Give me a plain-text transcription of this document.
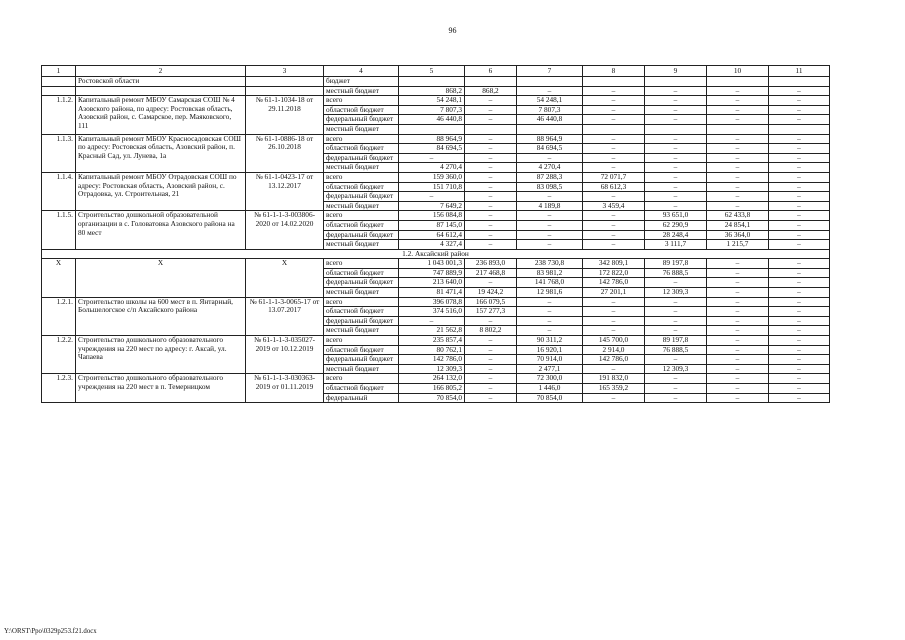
96
1	2	3	4	5	6	7	8	9	10	11
	Ростовской области		бюджет							
			местный бюджет	868,2	868,2	–	–	–	–	–
1.1.2.	Капитальный ремонт МБОУ Самарская СОШ № 4 Азовского района, по адресу: Ростовская область, Азовский район, с. Самарское, пер. Маяковского, 111	№ 61-1-1034-18 от 29.11.2018	всего	54 248,1	–	54 248,1	–	–	–	–
			областной бюджет	7 807,3	–	7 807,3	–	–	–	–
			федеральный бюджет	46 440,8	–	46 440,8	–	–	–	–
			местный бюджет							
1.1.3.	Капитальный ремонт МБОУ Красносадовская СОШ по адресу: Ростовская область, Азовский район, п. Красный Сад, ул. Лунева, 1а	№ 61-1-0886-18 от 26.10.2018	всего	88 964,9	–	88 964,9	–	–	–	–
			областной бюджет	84 694,5	–	84 694,5	–	–	–	–
			федеральный бюджет	–	–	–	–	–	–	–
			местный бюджет	4 270,4	–	4 270,4	–	–	–	–
1.1.4.	Капитальный ремонт МБОУ Отрадовская СОШ по адресу: Ростовская область, Азовский район, с. Отрадовка, ул. Строительная, 21	№ 61-1-0423-17 от 13.12.2017	всего	159 360,0	–	87 288,3	72 071,7	–	–	–
			областной бюджет	151 710,8	–	83 098,5	68 612,3	–	–	–
			федеральный бюджет	–	–	–	–	–	–	–
			местный бюджет	7 649,2	–	4 189,8	3 459,4	–	–	–
1.1.5.	Строительство дошкольной образовательной организации в с. Головатовка Азовского района на 80 мест	№ 61-1-1-3-003806-2020 от 14.02.2020	всего	156 084,8	–	–	–	93 651,0	62 433,8	–
			областной бюджет	87 145,0	–	–	–	62 290,9	24 854,1	–
			федеральный бюджет	64 612,4	–	–	–	28 248,4	36 364,0	–
			местный бюджет	4 327,4	–	–	–	3 111,7	1 215,7	–
1.2. Аксайский район										
Х	Х	Х	всего	1 043 001,3	236 893,0	238 730,8	342 809,1	89 197,8	–	–
			областной бюджет	747 889,9	217 468,8	83 981,2	172 822,0	76 888,5	–	–
			федеральный бюджет	213 640,0	–	141 768,0	142 786,0	–	–	–
			местный бюджет	81 471,4	19 424,2	12 981,6	27 201,1	12 309,3	–	–
1.2.1.	Строительство школы на 600 мест в п. Янтарный, Большелогское с/п Аксайского района	№ 61-1-1-3-0065-17 от 13.07.2017	всего	396 078,8	166 079,5	–	–	–	–	–
			областной бюджет	374 516,0	157 277,3	–	–	–	–	–
			федеральный бюджет	–	–	–	–	–	–	–
			местный бюджет	21 562,8	8 802,2	–	–	–	–	–
1.2.2.	Строительство дошкольного образовательного учреждения на 220 мест по адресу: г. Аксай, ул. Чапаева	№ 61-1-1-3-035027-2019 от 10.12.2019	всего	235 857,4	–	90 311,2	145 700,0	89 197,8	–	–
			областной бюджет	80 762,1	–	16 920,1	2 914,0	76 888,5	–	–
			федеральный бюджет	142 786,0	–	70 914,0	142 786,0	–	–	–
			местный бюджет	12 309,3	–	2 477,1	–	12 309,3	–	–
1.2.3.	Строительство дошкольного образовательного учреждения на 220 мест в п. Темерницком	№ 61-1-1-3-030363-2019 от 01.11.2019	всего	264 132,0	–	72 300,0	191 832,0	–	–	–
			областной бюджет	166 805,2	–	1 446,0	165 359,2	–	–	–
			федеральный	70 854,0	–	70 854,0	–	–	–	–
Y:\ORST\Ppo\0329p253.f21.docx
